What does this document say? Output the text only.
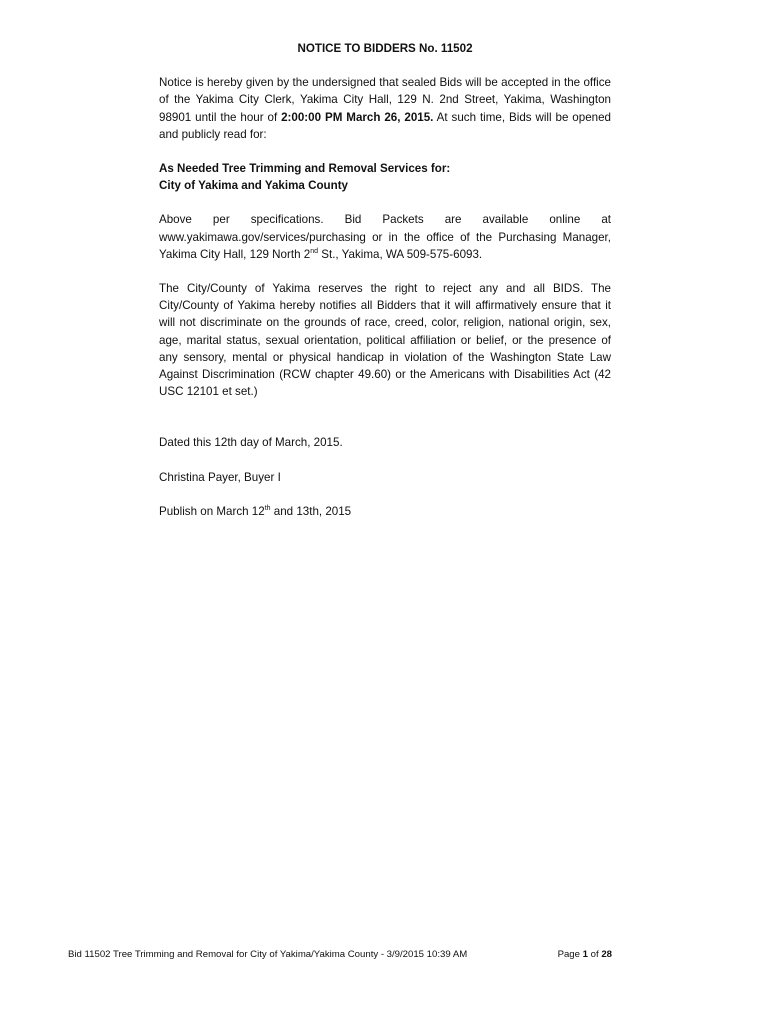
NOTICE TO BIDDERS No. 11502

Notice is hereby given by the undersigned that sealed Bids will be accepted in the office of the Yakima City Clerk, Yakima City Hall, 129 N. 2nd Street, Yakima, Washington 98901 until the hour of 2:00:00 PM March 26, 2015. At such time, Bids will be opened and publicly read for:

As Needed Tree Trimming and Removal Services for:
City of Yakima and Yakima County

Above per specifications. Bid Packets are available online at www.yakimawa.gov/services/purchasing or in the office of the Purchasing Manager, Yakima City Hall, 129 North 2nd St., Yakima, WA 509-575-6093.

The City/County of Yakima reserves the right to reject any and all BIDS. The City/County of Yakima hereby notifies all Bidders that it will affirmatively ensure that it will not discriminate on the grounds of race, creed, color, religion, national origin, sex, age, marital status, sexual orientation, political affiliation or belief, or the presence of any sensory, mental or physical handicap in violation of the Washington State Law Against Discrimination (RCW chapter 49.60) or the Americans with Disabilities Act (42 USC 12101 et set.)

Dated this 12th day of March, 2015.

Christina Payer, Buyer I

Publish on March 12th and 13th, 2015

Bid 11502 Tree Trimming and Removal for City of Yakima/Yakima County - 3/9/2015 10:39 AM	Page 1 of 28
